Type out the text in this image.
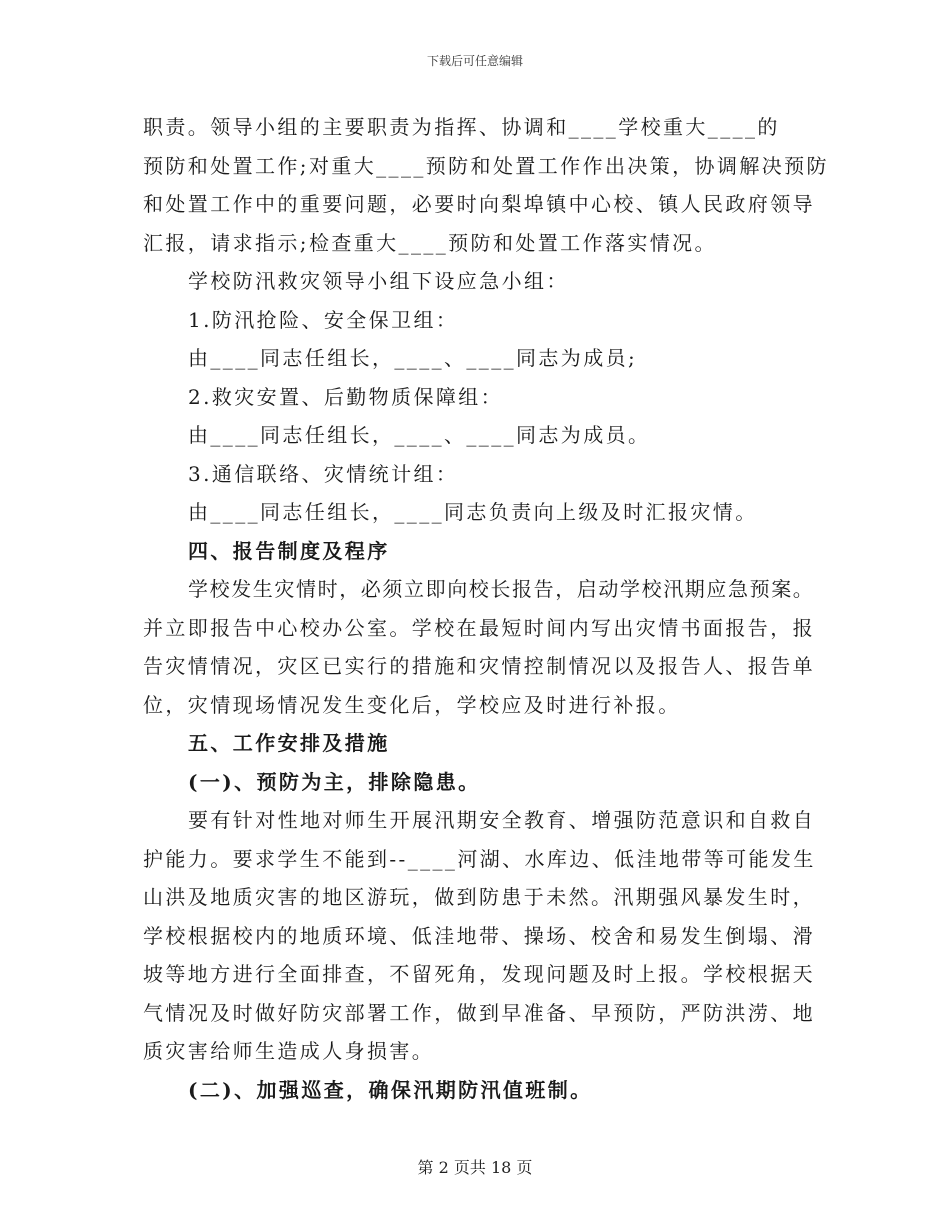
下载后可任意编辑
职责。领导小组的主要职责为指挥、协调和____学校重大____的
预防和处置工作;对重大____预防和处置工作作出决策，协调解决预防
和处置工作中的重要问题，必要时向梨埠镇中心校、镇人民政府领导
汇报，请求指示;检查重大____预防和处置工作落实情况。
学校防汛救灾领导小组下设应急小组：
1.防汛抢险、安全保卫组：
由____同志任组长，____、____同志为成员;
2.救灾安置、后勤物质保障组：
由____同志任组长，____、____同志为成员。
3.通信联络、灾情统计组：
由____同志任组长，____同志负责向上级及时汇报灾情。
四、报告制度及程序
学校发生灾情时，必须立即向校长报告，启动学校汛期应急预案。
并立即报告中心校办公室。学校在最短时间内写出灾情书面报告，报
告灾情情况，灾区已实行的措施和灾情控制情况以及报告人、报告单
位，灾情现场情况发生变化后，学校应及时进行补报。
五、工作安排及措施
(一)、预防为主，排除隐患。
要有针对性地对师生开展汛期安全教育、增强防范意识和自救自
护能力。要求学生不能到--____河湖、水库边、低洼地带等可能发生
山洪及地质灾害的地区游玩，做到防患于未然。汛期强风暴发生时，
学校根据校内的地质环境、低洼地带、操场、校舍和易发生倒塌、滑
坡等地方进行全面排查，不留死角，发现问题及时上报。学校根据天
气情况及时做好防灾部署工作，做到早准备、早预防，严防洪涝、地
质灾害给师生造成人身损害。
(二)、加强巡查，确保汛期防汛值班制。
第 2 页共 18 页
